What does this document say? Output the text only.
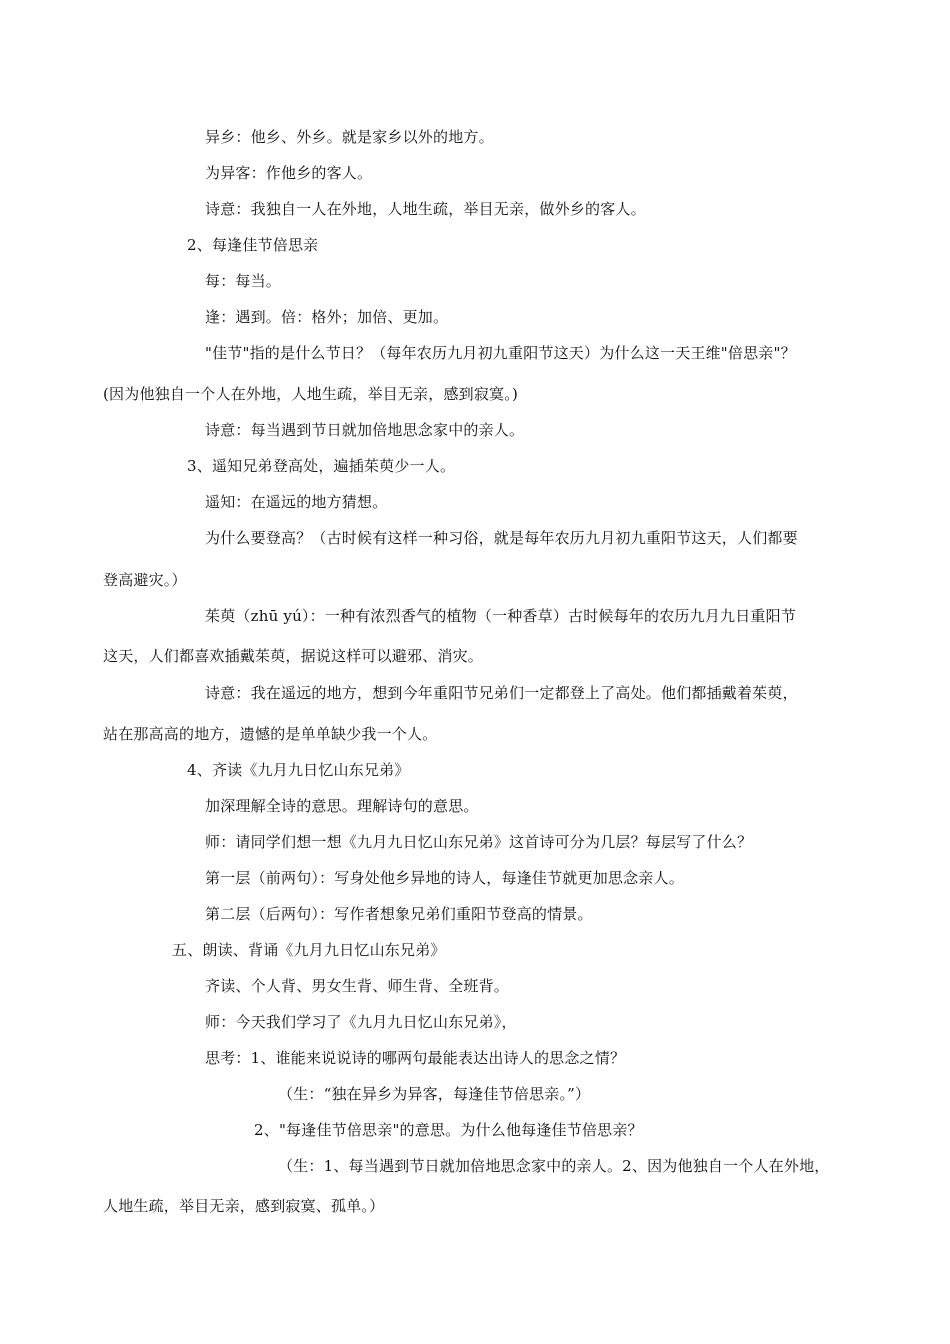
异乡：他乡、外乡。就是家乡以外的地方。
为异客：作他乡的客人。
诗意：我独自一人在外地，人地生疏，举目无亲，做外乡的客人。
2、每逢佳节倍思亲
每：每当。
逢：遇到。倍：格外；加倍、更加。
"佳节"指的是什么节日？（每年农历九月初九重阳节这天）为什么这一天王维"倍思亲"？
(因为他独自一个人在外地，人地生疏，举目无亲，感到寂寞。)
诗意：每当遇到节日就加倍地思念家中的亲人。
3、遥知兄弟登高处，遍插茱萸少一人。
遥知：在遥远的地方猜想。
为什么要登高？（古时候有这样一种习俗，就是每年农历九月初九重阳节这天，人们都要
登高避灾。）
茱萸（zhū yú）：一种有浓烈香气的植物（一种香草）古时候每年的农历九月九日重阳节
这天，人们都喜欢插戴茱萸，据说这样可以避邪、消灾。
诗意：我在遥远的地方，想到今年重阳节兄弟们一定都登上了高处。他们都插戴着茱萸，
站在那高高的地方，遗憾的是单单缺少我一个人。
4、齐读《九月九日忆山东兄弟》
加深理解全诗的意思。理解诗句的意思。
师：请同学们想一想《九月九日忆山东兄弟》这首诗可分为几层？每层写了什么？
第一层（前两句）：写身处他乡异地的诗人，每逢佳节就更加思念亲人。
第二层（后两句）：写作者想象兄弟们重阳节登高的情景。
五、朗读、背诵《九月九日忆山东兄弟》
齐读、个人背、男女生背、师生背、全班背。
师：今天我们学习了《九月九日忆山东兄弟》，
思考：1、谁能来说说诗的哪两句最能表达出诗人的思念之情？
（生：“独在异乡为异客，每逢佳节倍思亲。”）
2、"每逢佳节倍思亲"的意思。为什么他每逢佳节倍思亲？
（生：1、每当遇到节日就加倍地思念家中的亲人。2、因为他独自一个人在外地，
人地生疏，举目无亲，感到寂寞、孤单。）
